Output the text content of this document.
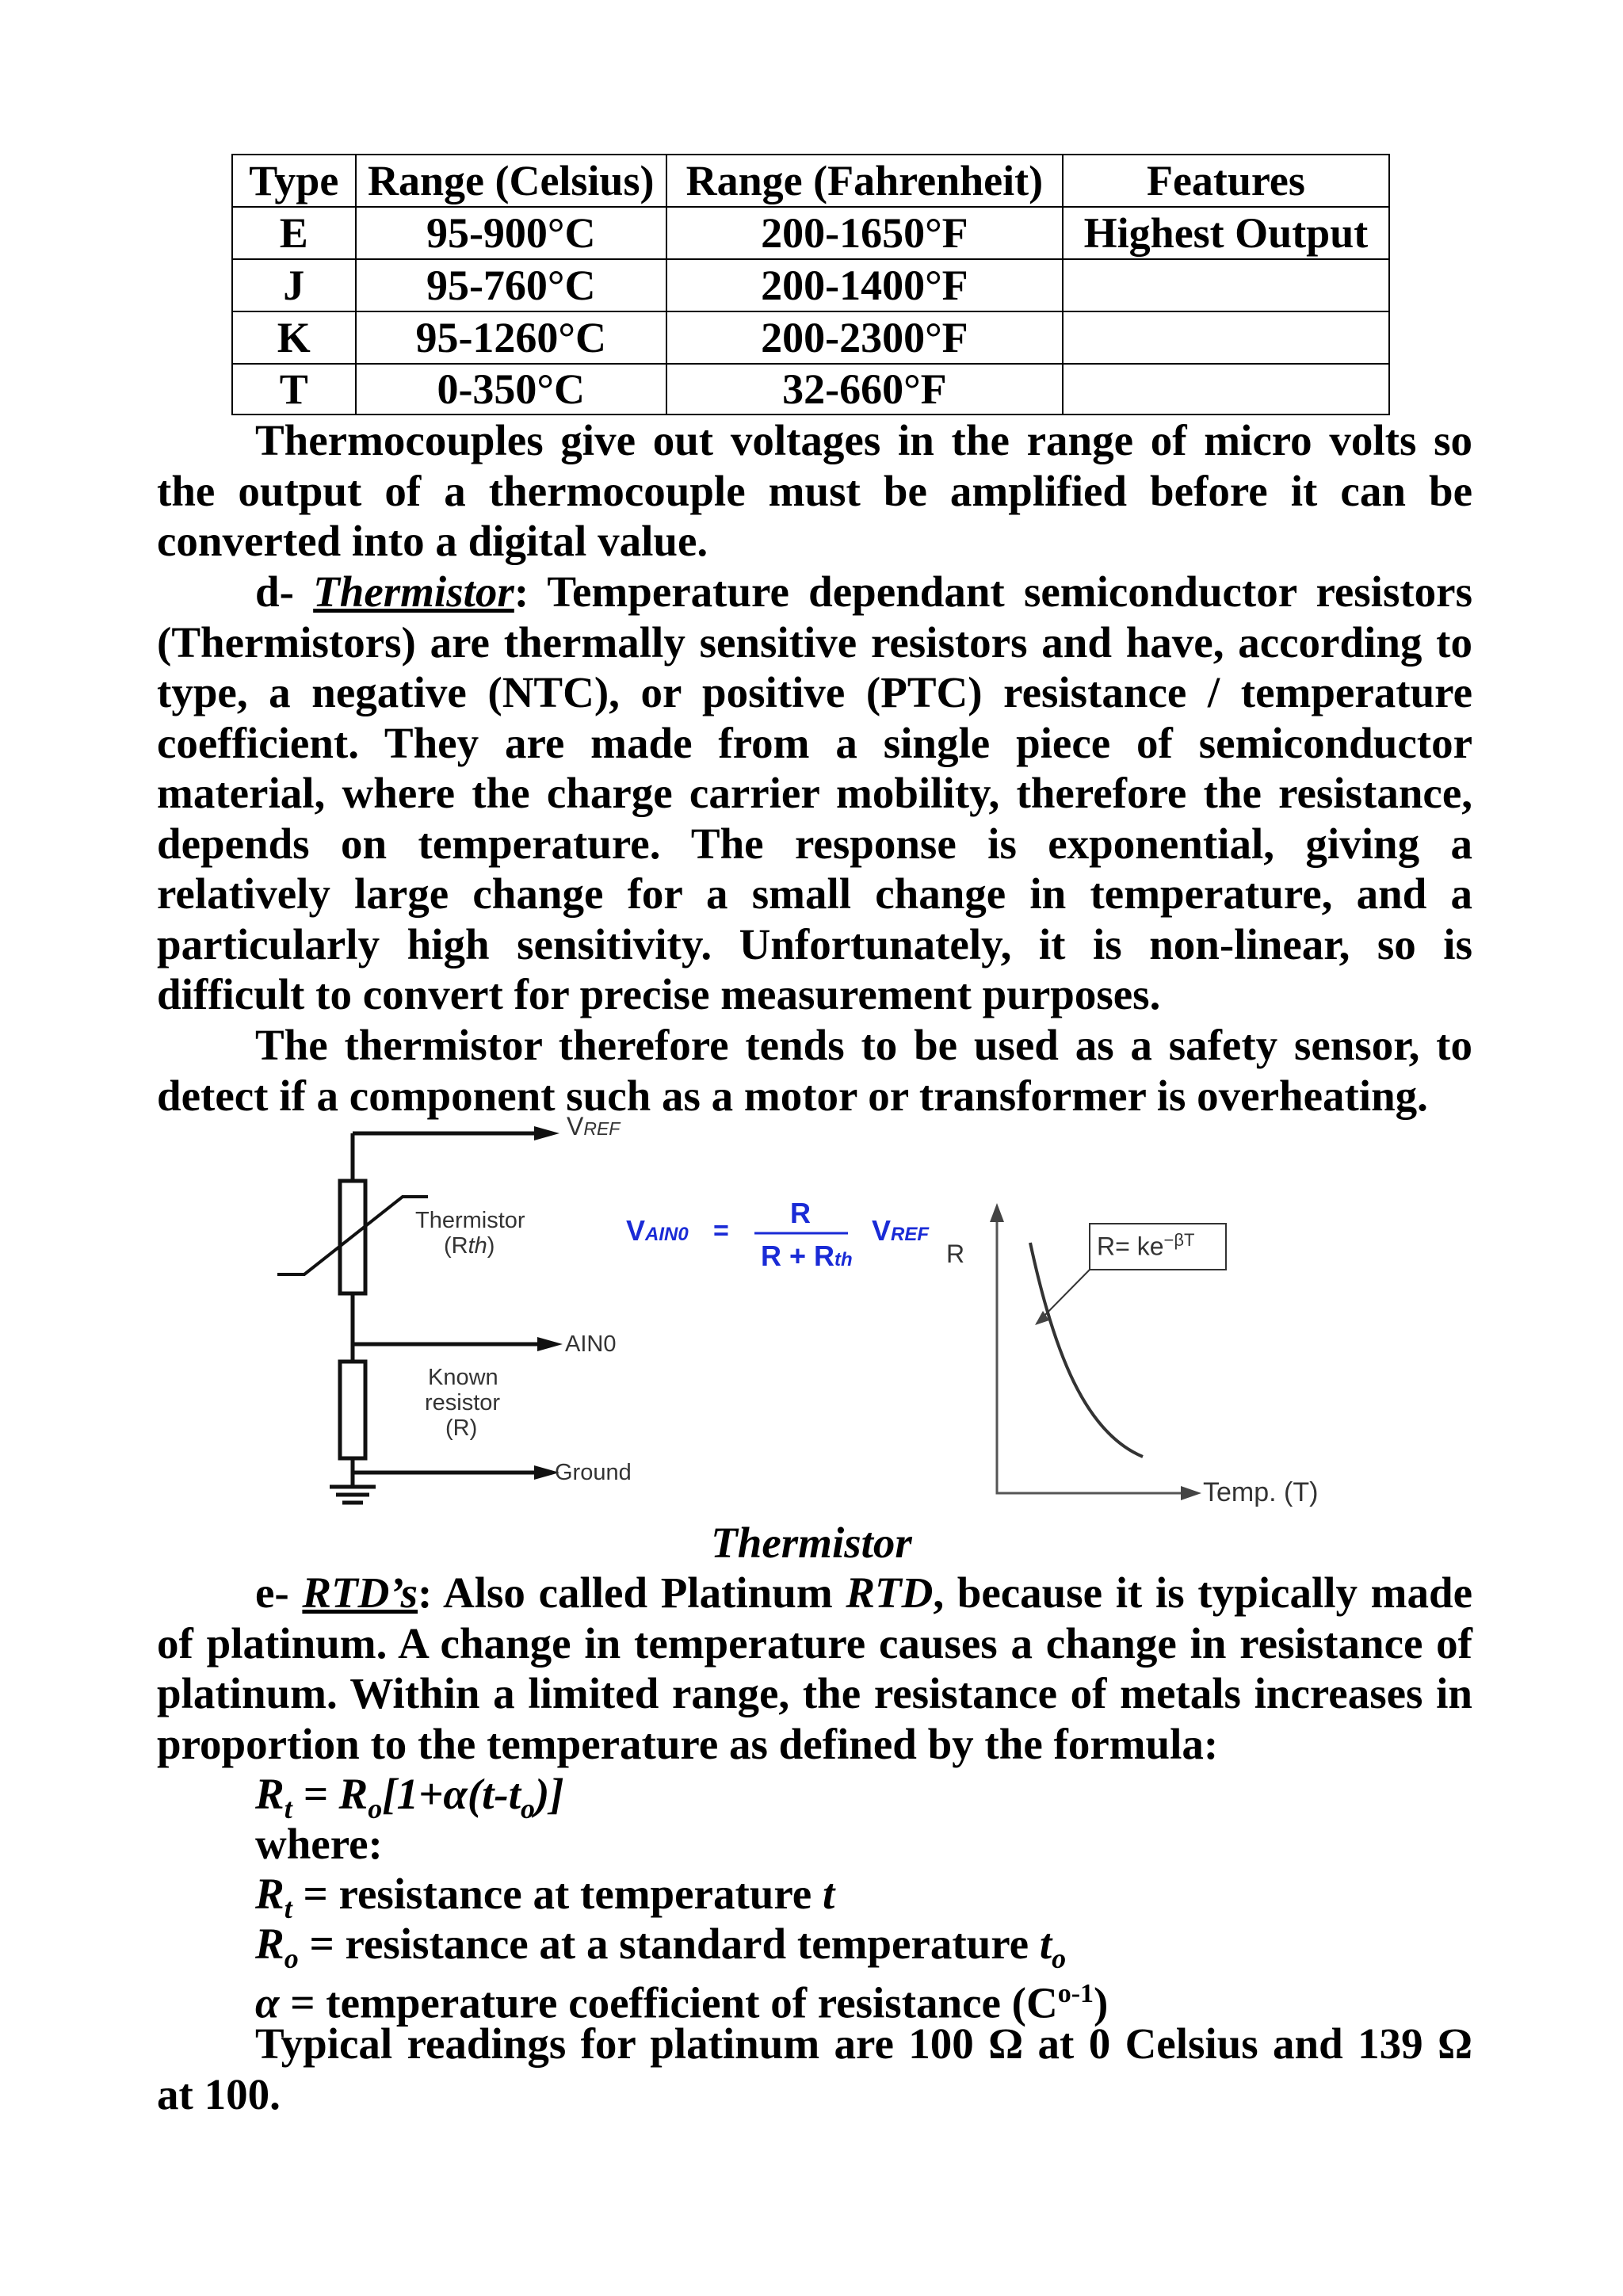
Type	Range (Celsius)	Range (Fahrenheit)	Features
E	95-900°C	200-1650°F	Highest Output
J	95-760°C	200-1400°F	
K	95-1260°C	200-2300°F	
T	0-350°C	32-660°F	

Thermocouples give out voltages in the range of micro volts so the output of a thermocouple must be amplified before it can be converted into a digital value.

d- Thermistor: Temperature dependant semiconductor resistors (Thermistors) are thermally sensitive resistors and have, according to type, a negative (NTC), or positive (PTC) resistance / temperature coefficient. They are made from a single piece of semiconductor material, where the charge carrier mobility, therefore the resistance, depends on temperature. The response is exponential, giving a relatively large change for a small change in temperature, and a particularly high sensitivity. Unfortunately, it is non-linear, so is difficult to convert for precise measurement purposes.

The thermistor therefore tends to be used as a safety sensor, to detect if a component such as a motor or transformer is overheating.

VREF
Thermistor
(Rth)
AIN0
Known
resistor
(R)
Ground
VAIN0 =
R
R + Rth
VREF
R	$R= ke^{-\beta T}$
Temp. (T)
Thermistor

e- RTD’s: Also called Platinum RTD, because it is typically made of platinum. A change in temperature causes a change in resistance of platinum. Within a limited range, the resistance of metals increases in proportion to the temperature as defined by the formula:

$R_t = R_o[1+\alpha(t-t_o)]$
where:
$R_t$ = resistance at temperature t
$R_o$ = resistance at a standard temperature $t_o$
α = temperature coefficient of resistance $(C^{o-1})$

Typical readings for platinum are 100 Ω at 0 Celsius and 139 Ω at 100.
